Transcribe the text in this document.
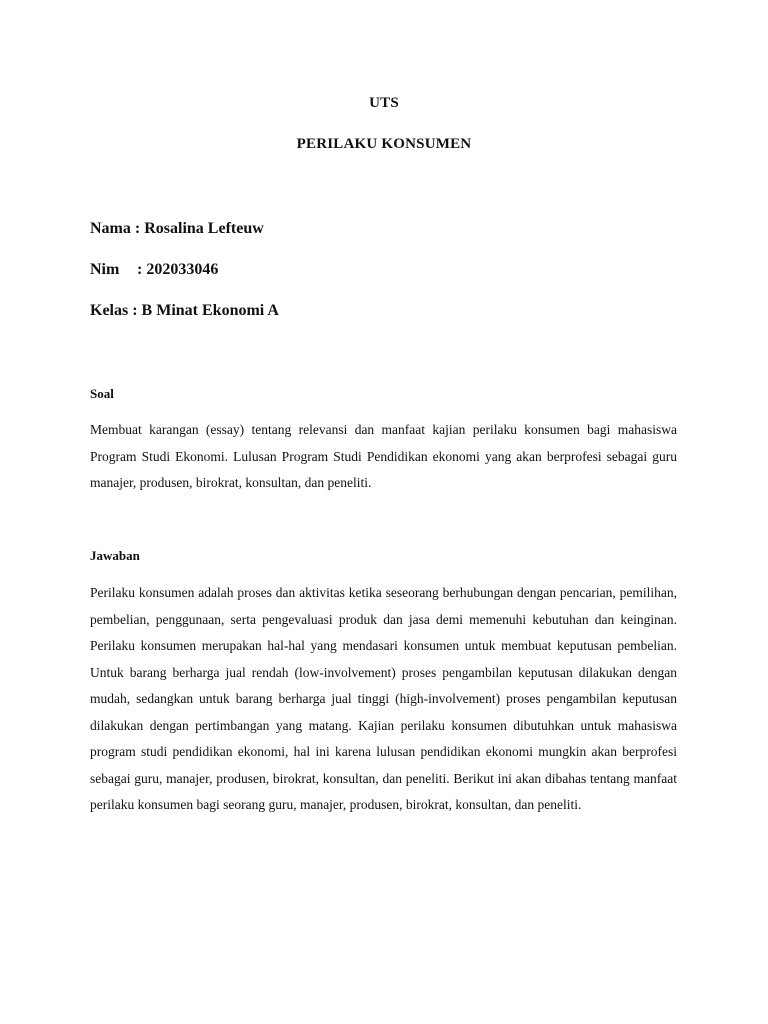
UTS
PERILAKU KONSUMEN
Nama : Rosalina Lefteuw
Nim : 202033046
Kelas : B Minat Ekonomi A
Soal

Membuat karangan (essay) tentang relevansi dan manfaat kajian perilaku konsumen bagi mahasiswa Program Studi Ekonomi. Lulusan Program Studi Pendidikan ekonomi yang akan berprofesi sebagai guru manajer, produsen, birokrat, konsultan, dan peneliti.

Jawaban

Perilaku konsumen adalah proses dan aktivitas ketika seseorang berhubungan dengan pencarian, pemilihan, pembelian, penggunaan, serta pengevaluasi produk dan jasa demi memenuhi kebutuhan dan keinginan. Perilaku konsumen merupakan hal-hal yang mendasari konsumen untuk membuat keputusan pembelian. Untuk barang berharga jual rendah (low-involvement) proses pengambilan keputusan dilakukan dengan mudah, sedangkan untuk barang berharga jual tinggi (high-involvement) proses pengambilan keputusan dilakukan dengan pertimbangan yang matang. Kajian perilaku konsumen dibutuhkan untuk mahasiswa program studi pendidikan ekonomi, hal ini karena lulusan pendidikan ekonomi mungkin akan berprofesi sebagai guru, manajer, produsen, birokrat, konsultan, dan peneliti. Berikut ini akan dibahas tentang manfaat perilaku konsumen bagi seorang guru, manajer, produsen, birokrat, konsultan, dan peneliti.
